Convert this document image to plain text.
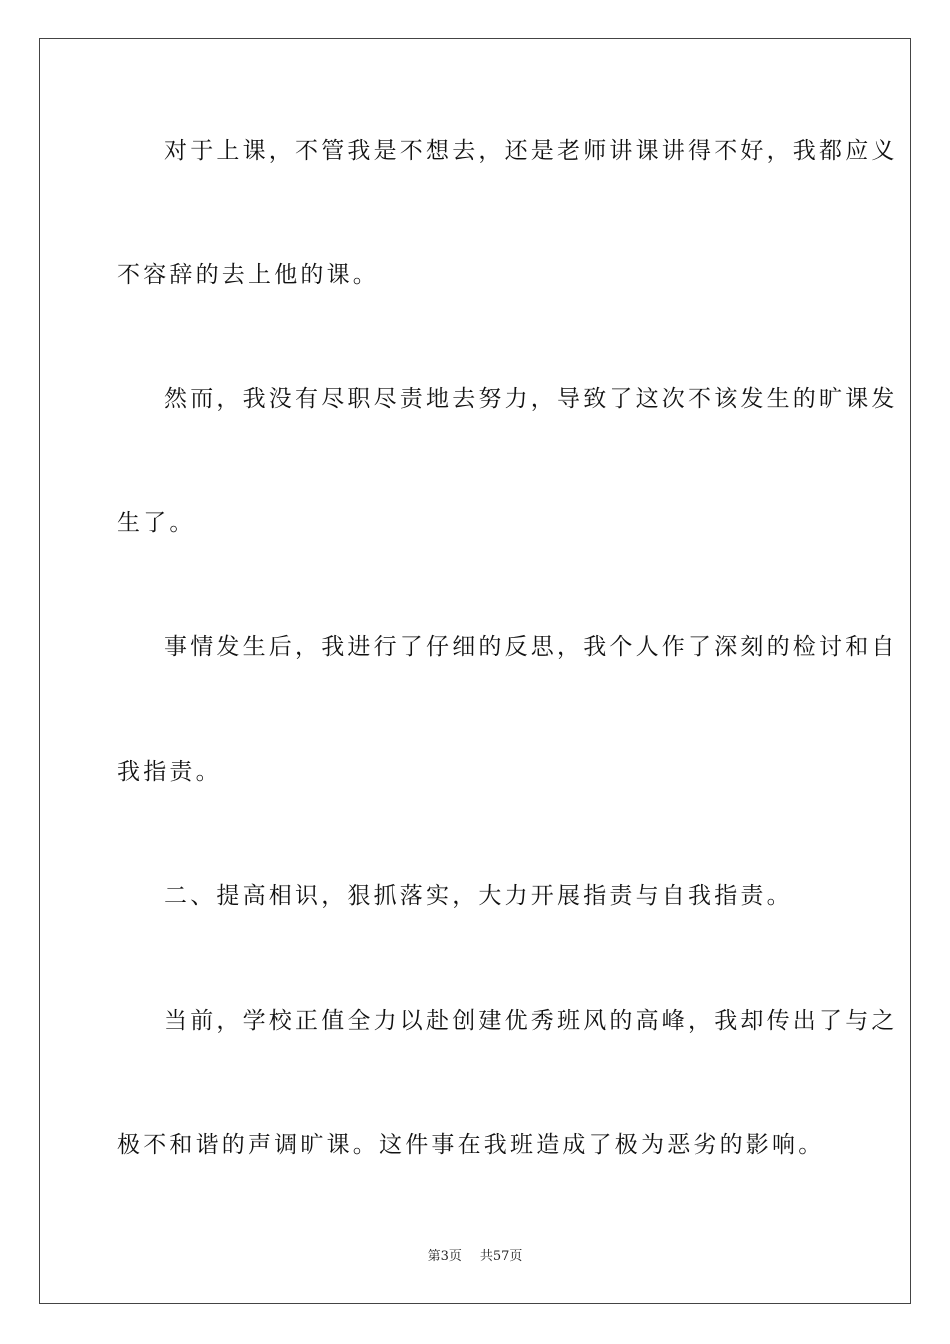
对于上课，不管我是不想去，还是老师讲课讲得不好，我都应义
不容辞的去上他的课。
然而，我没有尽职尽责地去努力，导致了这次不该发生的旷课发
生了。
事情发生后，我进行了仔细的反思，我个人作了深刻的检讨和自
我指责。
二、提高相识，狠抓落实，大力开展指责与自我指责。
当前，学校正值全力以赴创建优秀班风的高峰，我却传出了与之
极不和谐的声调旷课。这件事在我班造成了极为恶劣的影响。
第3页 共57页
